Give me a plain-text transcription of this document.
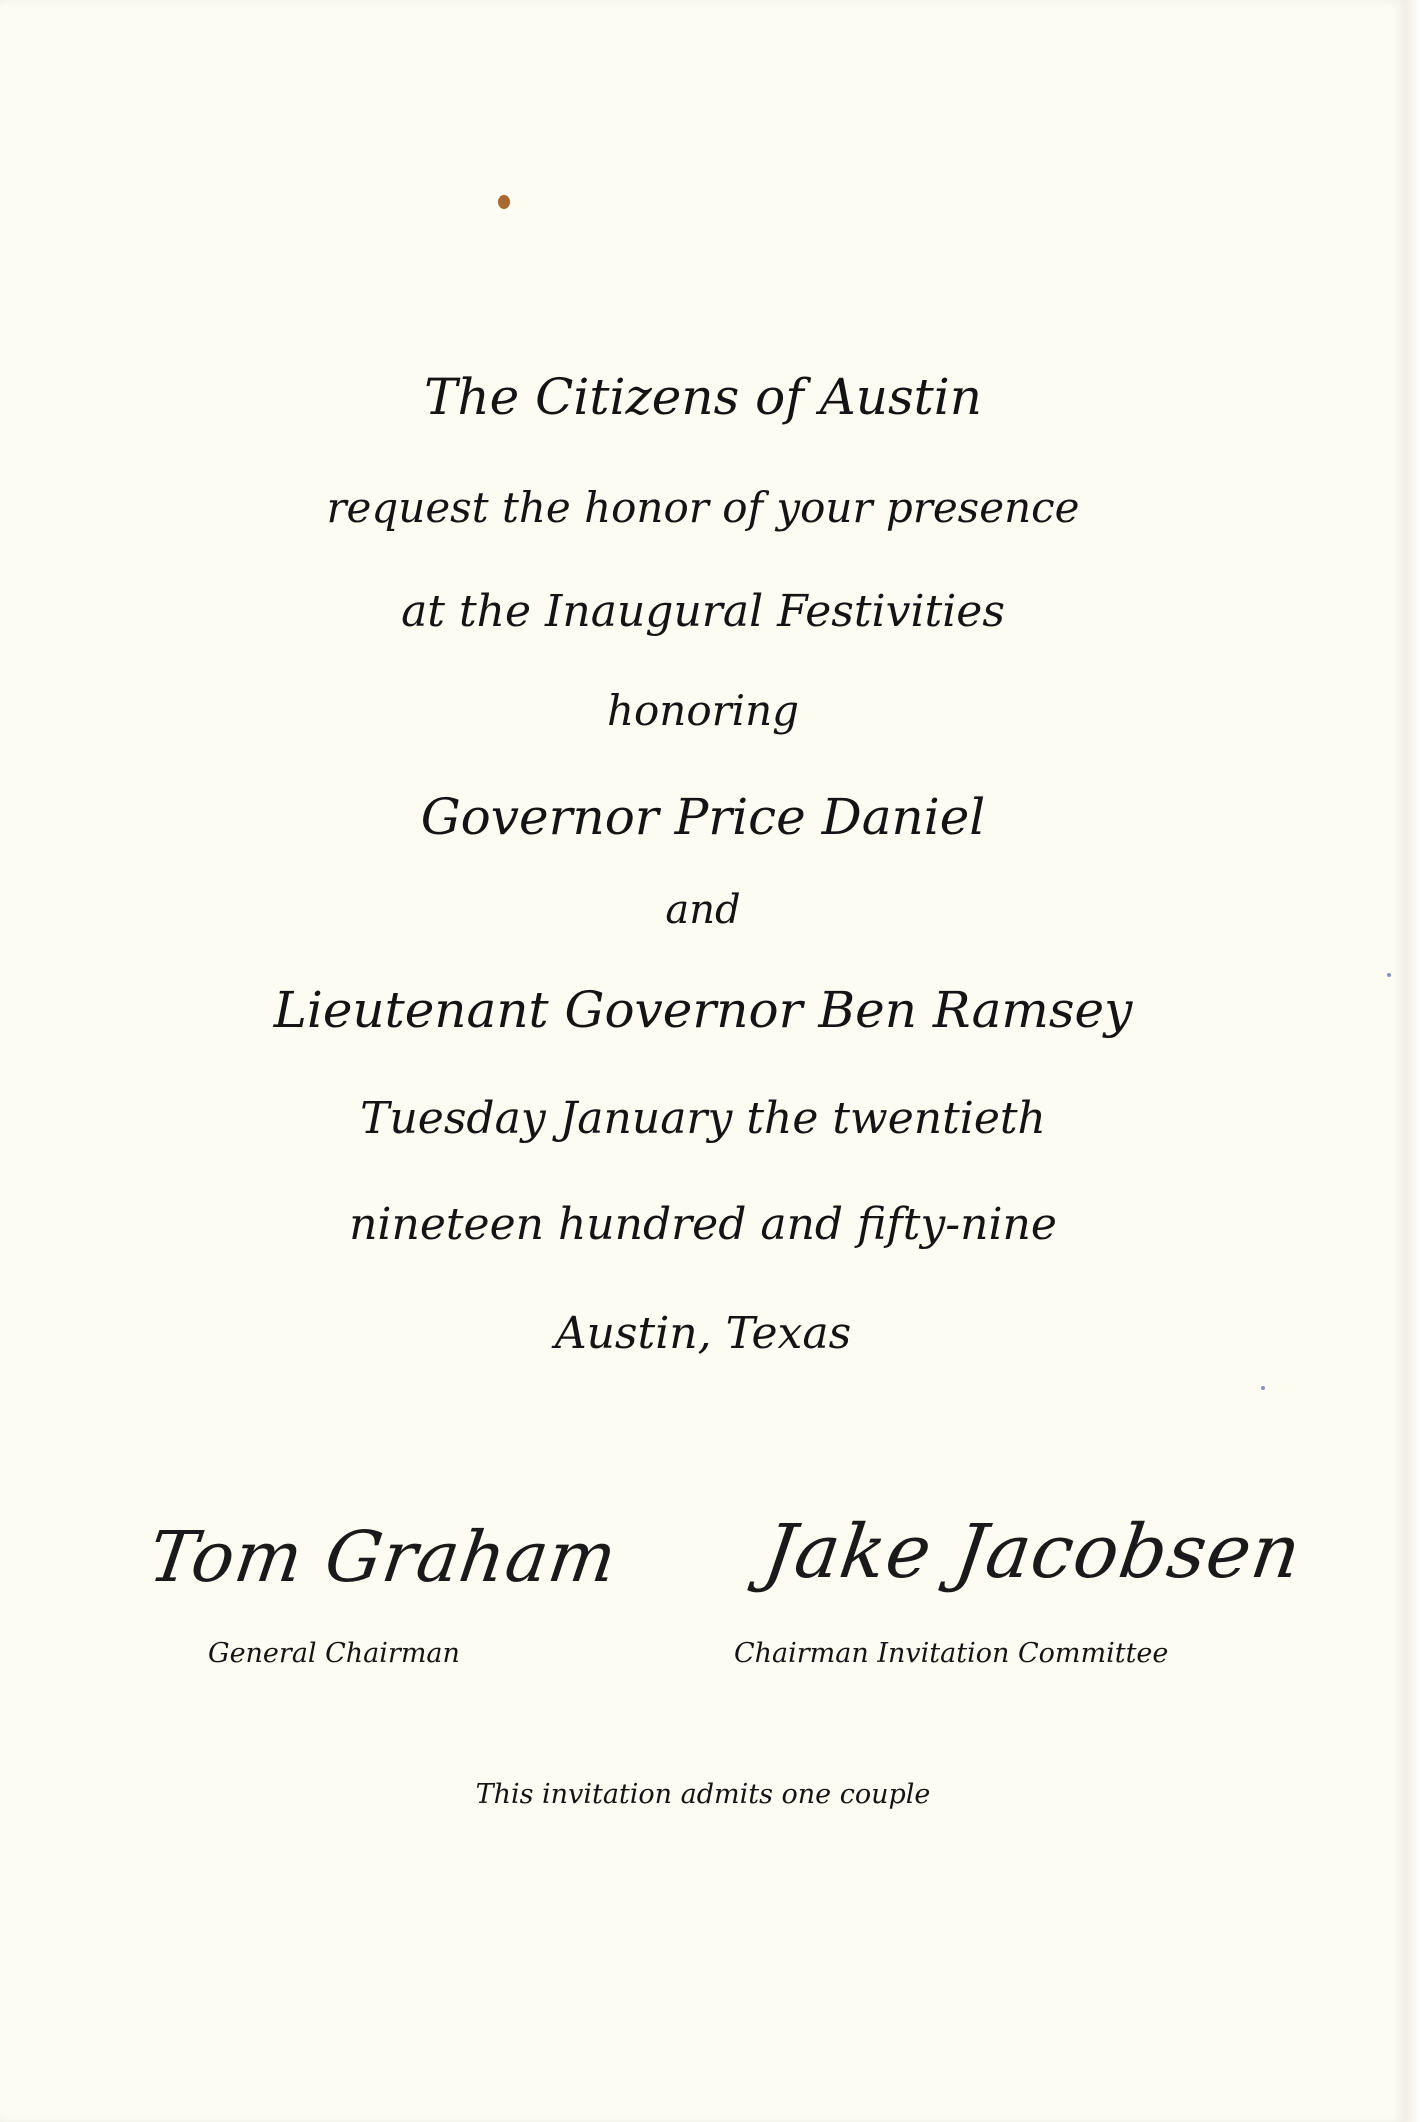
The Citizens of Austin
request the honor of your presence
at the Inaugural Festivities
honoring
Governor Price Daniel
and
Lieutenant Governor Ben Ramsey
Tuesday January the twentieth
nineteen hundred and fifty-nine
Austin, Texas
Tom Graham
General Chairman
Jake Jacobsen
Chairman Invitation Committee
This invitation admits one couple
